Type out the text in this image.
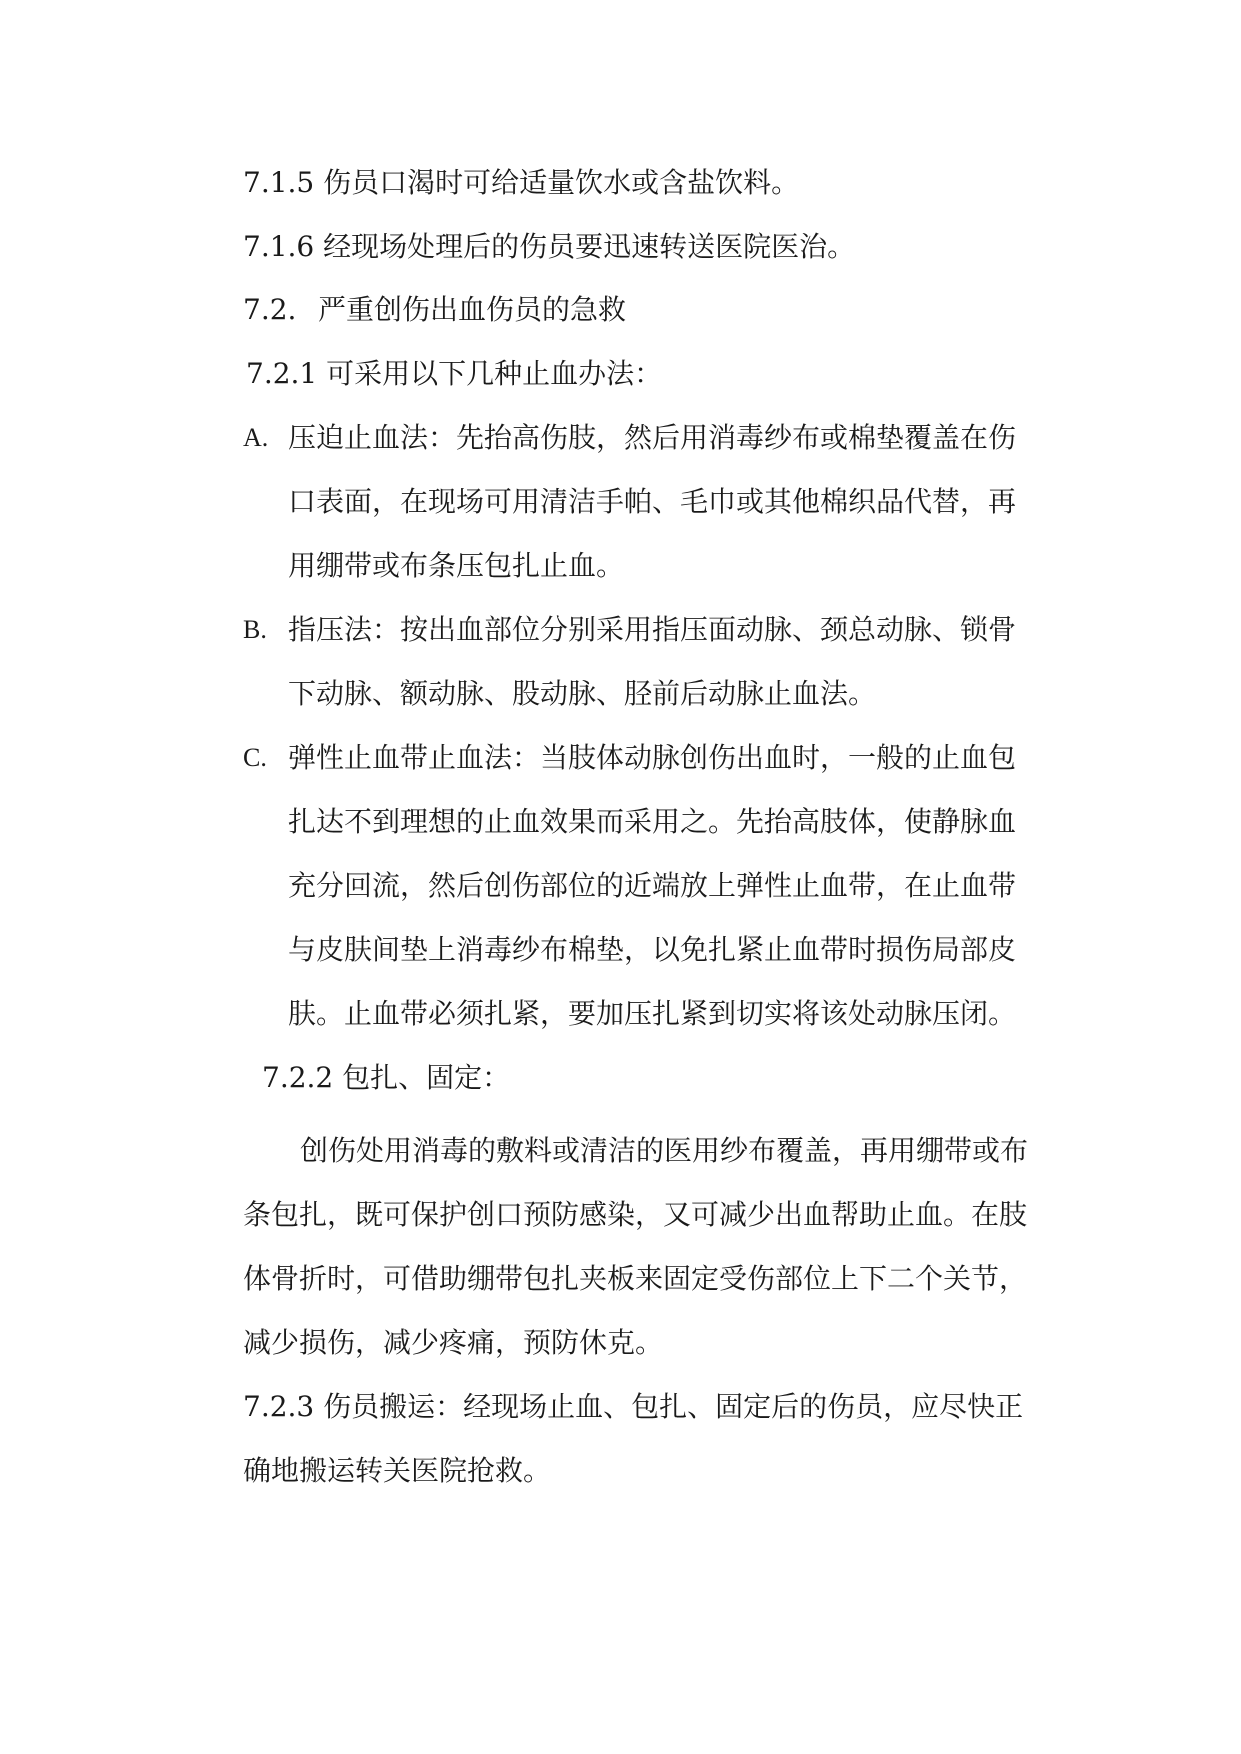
7.1.5 伤员口渴时可给适量饮水或含盐饮料。
7.1.6 经现场处理后的伤员要迅速转送医院医治。
7.2. 严重创伤出血伤员的急救
7.2.1 可采用以下几种止血办法：
A. 压迫止血法：先抬高伤肢，然后用消毒纱布或棉垫覆盖在伤
口表面，在现场可用清洁手帕、毛巾或其他棉织品代替，再
用绷带或布条压包扎止血。
B. 指压法：按出血部位分别采用指压面动脉、颈总动脉、锁骨
下动脉、额动脉、股动脉、胫前后动脉止血法。
C. 弹性止血带止血法：当肢体动脉创伤出血时，一般的止血包
扎达不到理想的止血效果而采用之。先抬高肢体，使静脉血
充分回流，然后创伤部位的近端放上弹性止血带，在止血带
与皮肤间垫上消毒纱布棉垫，以免扎紧止血带时损伤局部皮
肤。止血带必须扎紧，要加压扎紧到切实将该处动脉压闭。
7.2.2 包扎、固定：
创伤处用消毒的敷料或清洁的医用纱布覆盖，再用绷带或布
条包扎，既可保护创口预防感染，又可减少出血帮助止血。在肢
体骨折时，可借助绷带包扎夹板来固定受伤部位上下二个关节，
减少损伤，减少疼痛，预防休克。
7.2.3 伤员搬运：经现场止血、包扎、固定后的伤员，应尽快正
确地搬运转关医院抢救。
